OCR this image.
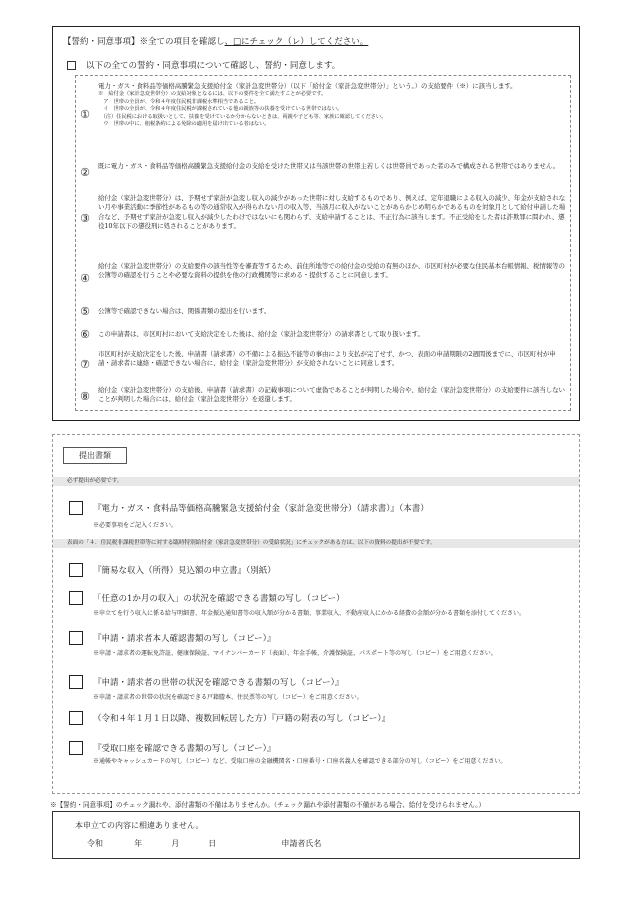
【誓約・同意事項】※全ての項目を確認し、□にチェック（レ）してください。
以下の全ての誓約・同意事項について確認し、誓約・同意します。
①
電力・ガス・食料品等価格高騰緊急支援給付金（家計急変世帯分）（以下「給付金（家計急変世帯分）」という。）の支給要件（※）に該当します。

※　給付金（家計急変世帯分）の支給対象となるには、以下の要件を全て満たすことが必要です。

　ア　世帯の全員が、令和４年度住民税非課税水準相当であること。

　イ　世帯の全員が、令和４年度住民税が課税されている他の親族等の扶養を受けている世帯ではない。

　（注）住民税における取扱いとして、扶養を受けているか分からないときは、両親や子ども等、家族に確認してください。

　ウ　世帯の中に、租税条約による免除の適用を届け出ている者はない。

②	既に電力・ガス・食料品等価格高騰緊急支援給付金の支給を受けた世帯又は当該世帯の世帯主若しくは世帯員であった者のみで構成される世帯ではありません。
③
給付金（家計急変世帯分）は、予期せず家計が急変し収入の減少があった世帯に対し支給するものであり、例えば、定年退職による収入の減少、年金が支給されない月や事業活動に季節性があるもの等の通常収入が得られない月の収入等、当該月に収入がないことがあらかじめ明らかであるものを対象月として給付申請した場合など、予期せず家計が急変し収入が減少したわけではないにも関わらず、支給申請することは、不正行為に該当します。不正受給をした者は詐欺罪に問われ、懲役10年以下の懲役刑に処されることがあります。
④
給付金（家計急変世帯分）の支給要件の該当性等を審査等するため、前住所地等での給付金の受給の有無のほか、市区町村が必要な住民基本台帳情報、税情報等の公簿等の確認を行うことや必要な資料の提供を他の行政機関等に求める・提供することに同意します。
⑤	公簿等で確認できない場合は、関係書類の提出を行います。
⑥	この申請書は、市区町村において支給決定をした後は、給付金（家計急変世帯分）の請求書として取り扱います。
⑦
市区町村が支給決定をした後、申請書（請求書）の不備による振込不能等の事由により支払が完了せず、かつ、表面の申請期限の2週間後までに、市区町村が申請・請求者に連絡・確認できない場合に、給付金（家計急変世帯分）が支給されないことに同意します。
⑧	給付金（家計急変世帯分）の支給後、申請書（請求書）の記載事項について虚偽であることが判明した場合や、給付金（家計急変世帯分）の支給要件に該当しないことが判明した場合には、給付金（家計急変世帯分）を返還します。
提出書類
必ず提出が必要です。
『電力・ガス・食料品等価格高騰緊急支援給付金（家計急変世帯分）（請求書）』（本書）
※必要事項をご記入ください。
表面の「４．住民税非課税世帯等に対する臨時特別給付金（家計急変世帯分）の受給状況」にチェックがある方は、以下の資料の提出が不要です。
『簡易な収入（所得）見込額の申立書』（別紙）
「任意の1か月の収入」の状況を確認できる書類の写し（コピー）
※申立てを行う収入に係る給与明細書、年金振込通知書等の収入額が分かる書類、事業収入、不動産収入にかかる経費の金額が分かる書類を添付してください。
『申請・請求者本人確認書類の写し（コピー）』
※申請・請求者の運転免許証、健康保険証、マイナンバーカード（表面）、年金手帳、介護保険証、パスポート等の写し（コピー）をご用意ください。
『申請・請求者の世帯の状況を確認できる書類の写し（コピー）』
※申請・請求者の世帯の状況を確認できる戸籍謄本、住民票等の写し（コピー）をご用意ください。
（令和４年１月１日以降、複数回転居した方）『戸籍の附表の写し（コピー）』
『受取口座を確認できる書類の写し（コピー）』
※通帳やキャッシュカードの写し（コピー）など、受取口座の金融機関名・口座番号・口座名義人を確認できる部分の写し（コピー）をご用意ください。
※【誓約・同意事項】のチェック漏れや、添付書類の不備はありませんか。（チェック漏れや添付書類の不備がある場合、給付を受けられません。）
本申立ての内容に相違ありません。
令和	年	月	日	申請者氏名
